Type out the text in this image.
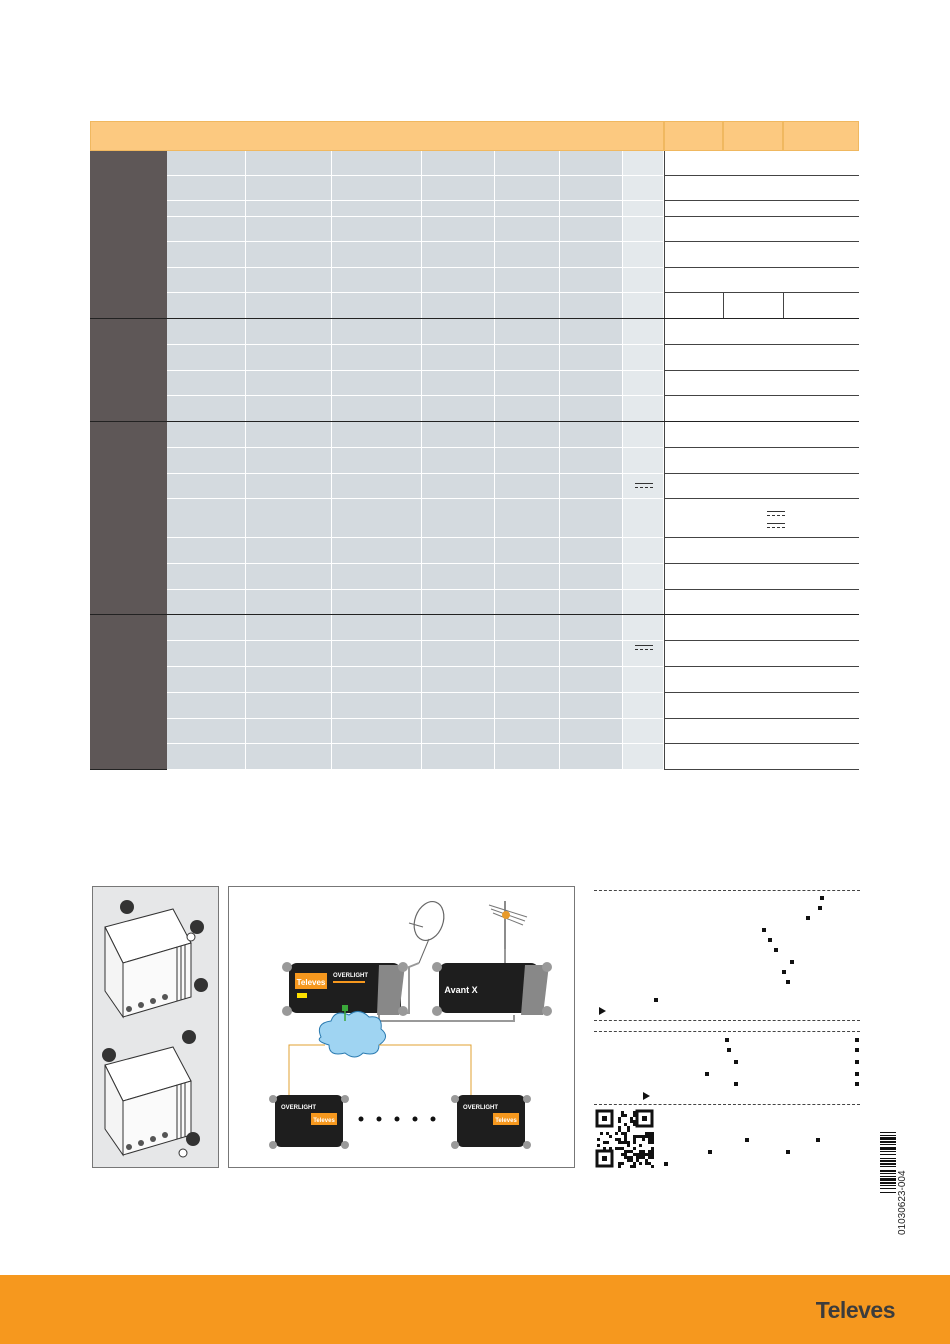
Televes
OVERLIGHT
Avant X
OVERLIGHT
Televes
OVERLIGHT
Televes
01030623-004
Televes
